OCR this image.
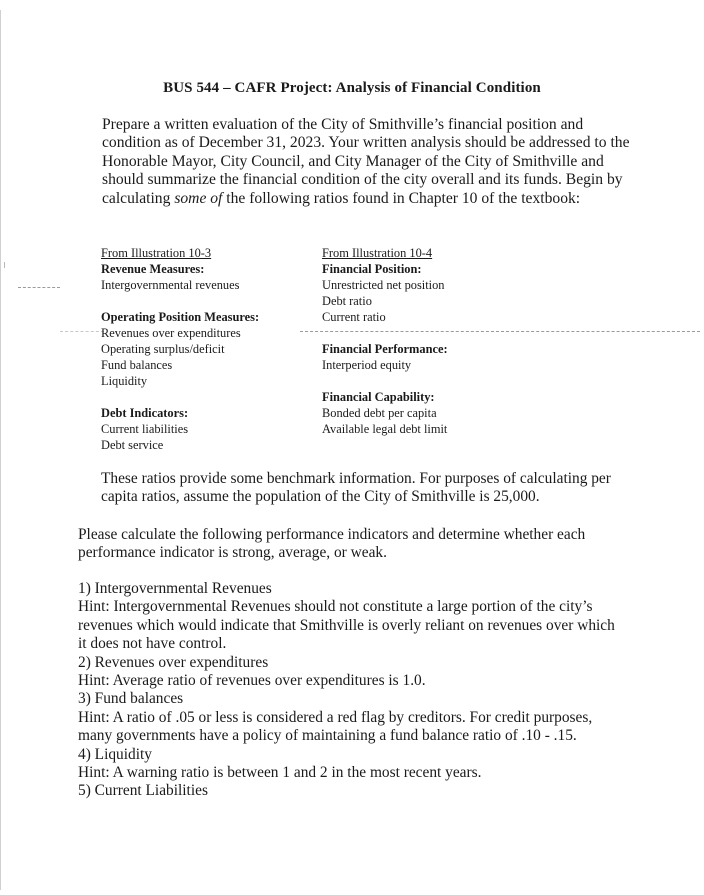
BUS 544 – CAFR Project: Analysis of Financial Condition
Prepare a written evaluation of the City of Smithville’s financial position and condition as of December 31, 2023. Your written analysis should be addressed to the Honorable Mayor, City Council, and City Manager of the City of Smithville and should summarize the financial condition of the city overall and its funds. Begin by calculating some of the following ratios found in Chapter 10 of the textbook:
From Illustration 10-3
Revenue Measures:
Intergovernmental revenues
Operating Position Measures:
Revenues over expenditures
Operating surplus/deficit
Fund balances
Liquidity
Debt Indicators:
Current liabilities
Debt service
From Illustration 10-4
Financial Position:
Unrestricted net position
Debt ratio
Current ratio
Financial Performance:
Interperiod equity
Financial Capability:
Bonded debt per capita
Available legal debt limit
These ratios provide some benchmark information. For purposes of calculating per capita ratios, assume the population of the City of Smithville is 25,000.
Please calculate the following performance indicators and determine whether each performance indicator is strong, average, or weak.
1) Intergovernmental Revenues
Hint: Intergovernmental Revenues should not constitute a large portion of the city’s revenues which would indicate that Smithville is overly reliant on revenues over which it does not have control.
2) Revenues over expenditures
Hint: Average ratio of revenues over expenditures is 1.0.
3) Fund balances
Hint: A ratio of .05 or less is considered a red flag by creditors. For credit purposes, many governments have a policy of maintaining a fund balance ratio of .10 - .15.
4) Liquidity
Hint: A warning ratio is between 1 and 2 in the most recent years.
5) Current Liabilities
